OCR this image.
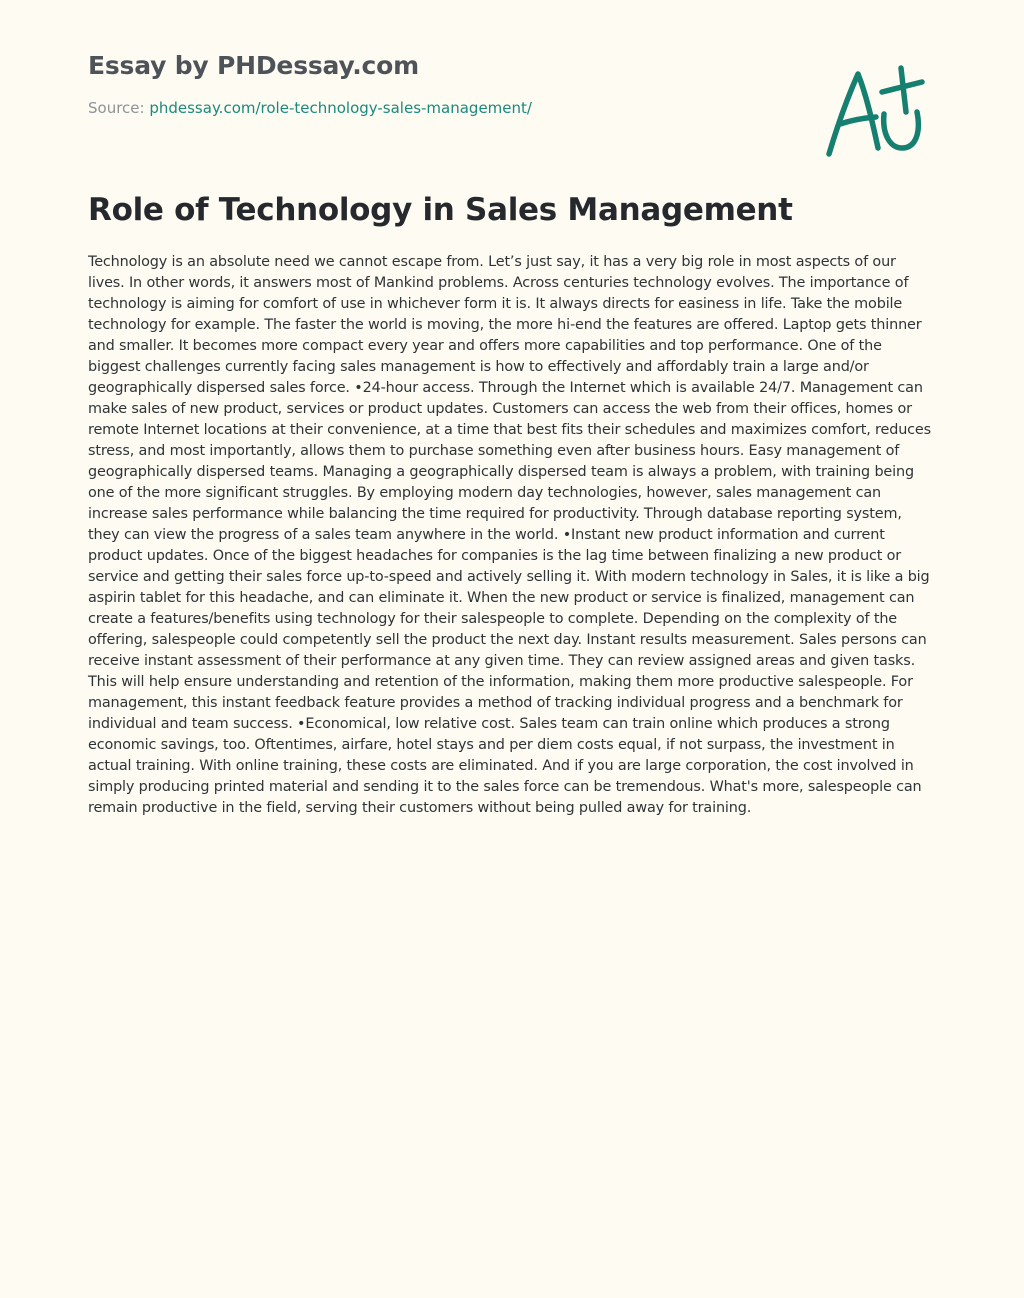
Essay by PHDessay.com
Source: phdessay.com/role-technology-sales-management/
Role of Technology in Sales Management

Technology is an absolute need we cannot escape from. Let’s just say, it has a very big role in most aspects of our lives. In other words, it answers most of Mankind problems. Across centuries technology evolves. The importance of technology is aiming for comfort of use in whichever form it is. It always directs for easiness in life. Take the mobile technology for example. The faster the world is moving, the more hi-end the features are offered. Laptop gets thinner and smaller. It becomes more compact every year and offers more capabilities and top performance. One of the biggest challenges currently facing sales management is how to effectively and affordably train a large and/or geographically dispersed sales force. •24-hour access. Through the Internet which is available 24/7. Management can make sales of new product, services or product updates. Customers can access the web from their offices, homes or remote Internet locations at their convenience, at a time that best fits their schedules and maximizes comfort, reduces stress, and most importantly, allows them to purchase something even after business hours. Easy management of geographically dispersed teams. Managing a geographically dispersed team is always a problem, with training being one of the more significant struggles. By employing modern day technologies, however, sales management can increase sales performance while balancing the time required for productivity. Through database reporting system, they can view the progress of a sales team anywhere in the world. •Instant new product information and current product updates. Once of the biggest headaches for companies is the lag time between finalizing a new product or service and getting their sales force up-to-speed and actively selling it. With modern technology in Sales, it is like a big aspirin tablet for this headache, and can eliminate it. When the new product or service is finalized, management can create a features/benefits using technology for their salespeople to complete. Depending on the complexity of the offering, salespeople could competently sell the product the next day. Instant results measurement. Sales persons can receive instant assessment of their performance at any given time. They can review assigned areas and given tasks. This will help ensure understanding and retention of the information, making them more productive salespeople. For management, this instant feedback feature provides a method of tracking individual progress and a benchmark for individual and team success. •Economical, low relative cost. Sales team can train online which produces a strong economic savings, too. Oftentimes, airfare, hotel stays and per diem costs equal, if not surpass, the investment in actual training. With online training, these costs are eliminated. And if you are large corporation, the cost involved in simply producing printed material and sending it to the sales force can be tremendous. What's more, salespeople can remain productive in the field, serving their customers without being pulled away for training.
